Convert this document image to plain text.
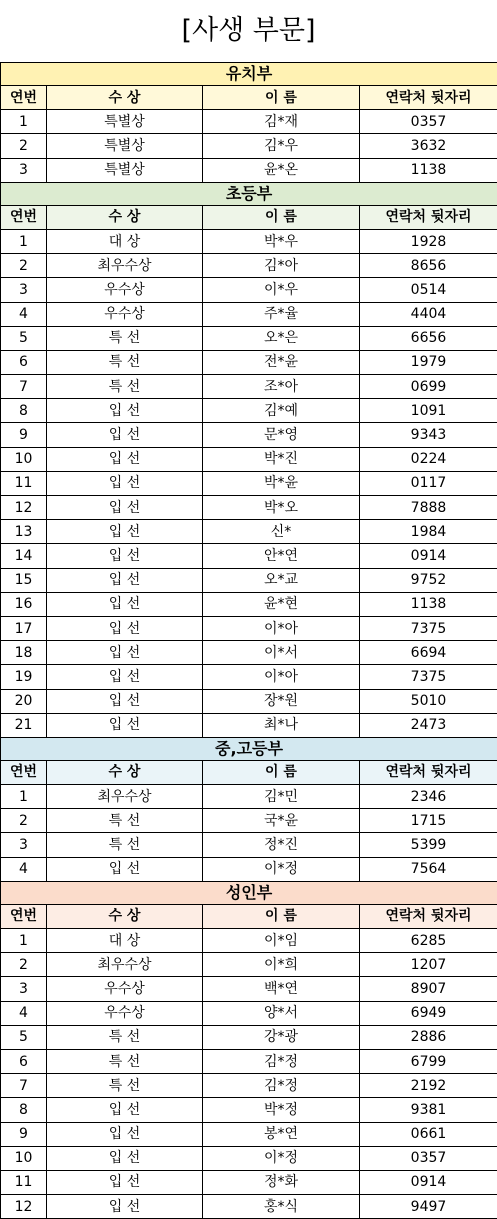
[사생 부문]
유치부			
연번	수 상	이 름	연락처 뒷자리
1	특별상	김*재	0357
2	특별상	김*우	3632
3	특별상	윤*온	1138
초등부			
연번	수 상	이 름	연락처 뒷자리
1	대 상	박*우	1928
2	최우수상	김*아	8656
3	우수상	이*우	0514
4	우수상	주*율	4404
5	특 선	오*은	6656
6	특 선	전*윤	1979
7	특 선	조*아	0699
8	입 선	김*예	1091
9	입 선	문*영	9343
10	입 선	박*진	0224
11	입 선	박*윤	0117
12	입 선	박*오	7888
13	입 선	신*	1984
14	입 선	안*연	0914
15	입 선	오*교	9752
16	입 선	윤*현	1138
17	입 선	이*아	7375
18	입 선	이*서	6694
19	입 선	이*아	7375
20	입 선	장*원	5010
21	입 선	최*나	2473
중,고등부			
연번	수 상	이 름	연락처 뒷자리
1	최우수상	김*민	2346
2	특 선	국*윤	1715
3	특 선	정*진	5399
4	입 선	이*정	7564
성인부			
연번	수 상	이 름	연락처 뒷자리
1	대 상	이*임	6285
2	최우수상	이*희	1207
3	우수상	백*연	8907
4	우수상	양*서	6949
5	특 선	강*광	2886
6	특 선	김*정	6799
7	특 선	김*정	2192
8	입 선	박*정	9381
9	입 선	봉*연	0661
10	입 선	이*정	0357
11	입 선	정*화	0914
12	입 선	홍*식	9497
